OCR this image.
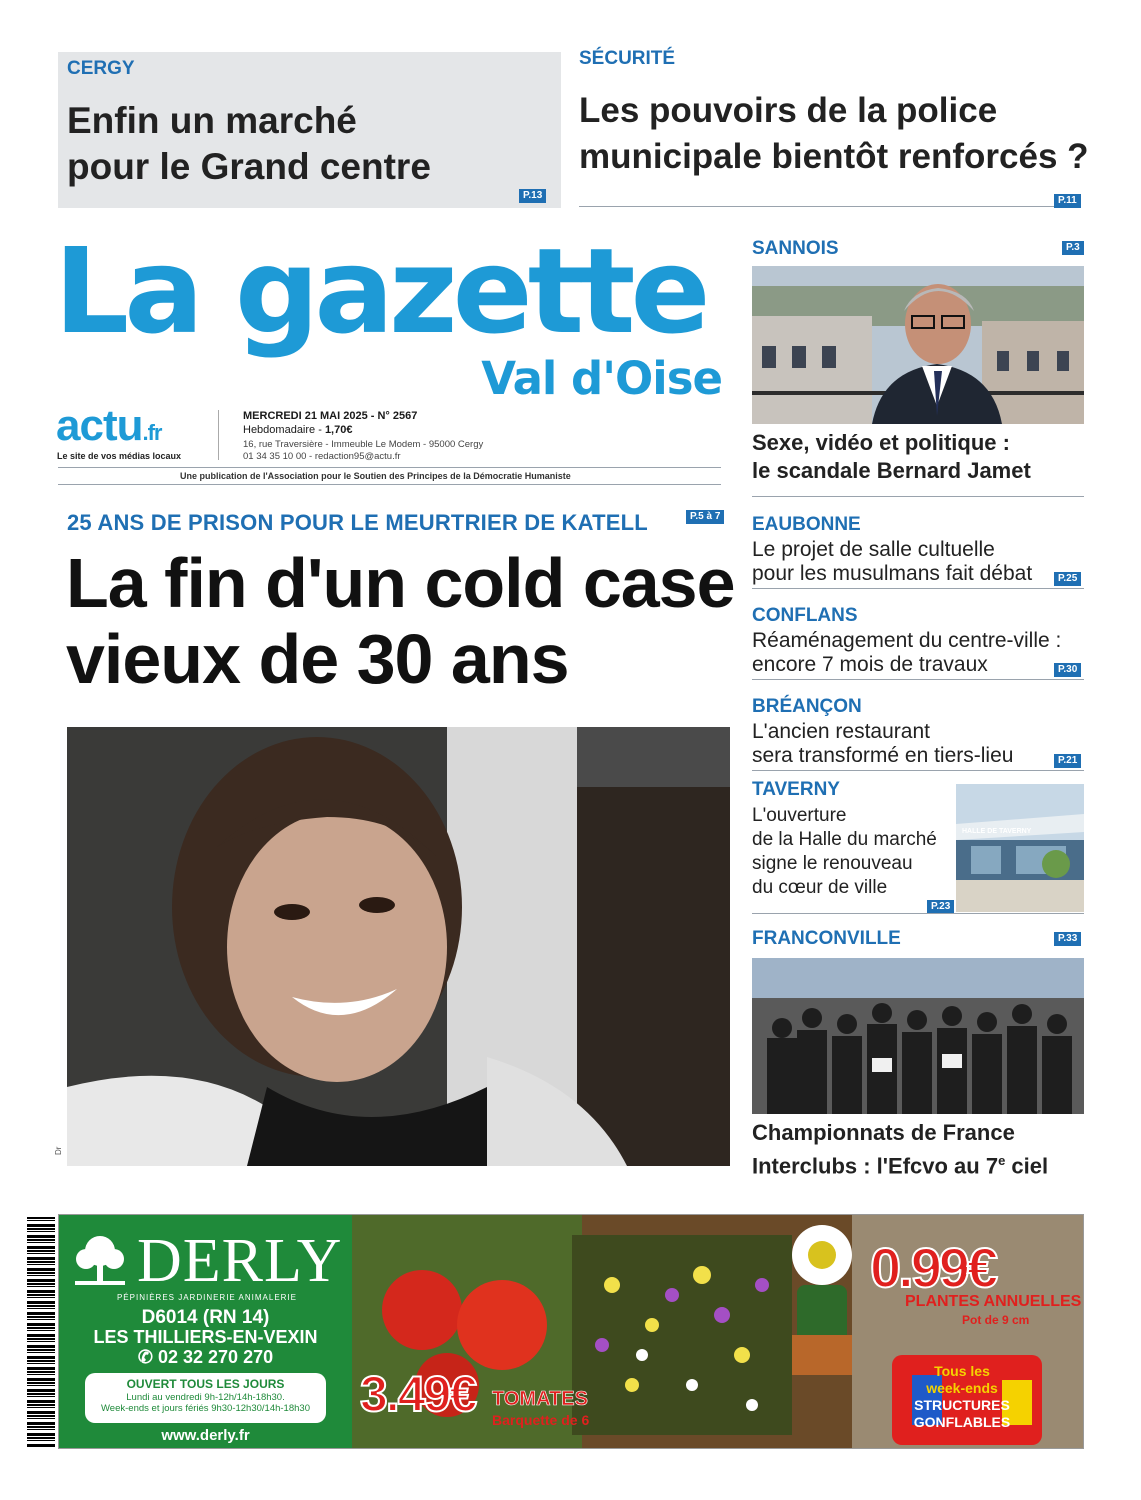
CERGY
Enfin un marché
pour le Grand centre
P.13
SÉCURITÉ
Les pouvoirs de la police
municipale bientôt renforcés ?
P.11
La gazette
Val d'Oise
actu.fr
Le site de vos médias locaux
MERCREDI 21 MAI 2025 - N° 2567
Hebdomadaire - 1,70€
16, rue Traversière - Immeuble Le Modem - 95000 Cergy
01 34 35 10 00 - redaction95@actu.fr
Une publication de l'Association pour le Soutien des Principes de la Démocratie Humaniste
25 ANS DE PRISON POUR LE MEURTRIER DE KATELL	P.5 à 7
La fin d'un cold case
vieux de 30 ans
Dr
SANNOIS	P.3
Sexe, vidéo et politique :
le scandale Bernard Jamet
EAUBONNE
Le projet de salle cultuelle
pour les musulmans fait débat	P.25
CONFLANS
Réaménagement du centre-ville :
encore 7 mois de travaux	P.30
BRÉANÇON
L'ancien restaurant
sera transformé en tiers-lieu	P.21
TAVERNY
L'ouverture
de la Halle du marché
signe le renouveau
du cœur de ville
HALLE DE TAVERNY
P.23
FRANCONVILLE	P.33
Championnats de France
Interclubs : l'Efcvo au 7e ciel
DERLY
PÉPINIÈRES JARDINERIE ANIMALERIE
D6014 (RN 14)
LES THILLIERS-EN-VEXIN
✆ 02 32 270 270
OUVERT TOUS LES JOURS
Lundi au vendredi 9h-12h/14h-18h30.
Week-ends et jours fériés 9h30-12h30/14h-18h30
www.derly.fr
3.49€ TOMATES
Barquette de 6
0.99€
PLANTES ANNUELLES
Pot de 9 cm
Tous les
week-ends
STRUCTURES
GONFLABLES
